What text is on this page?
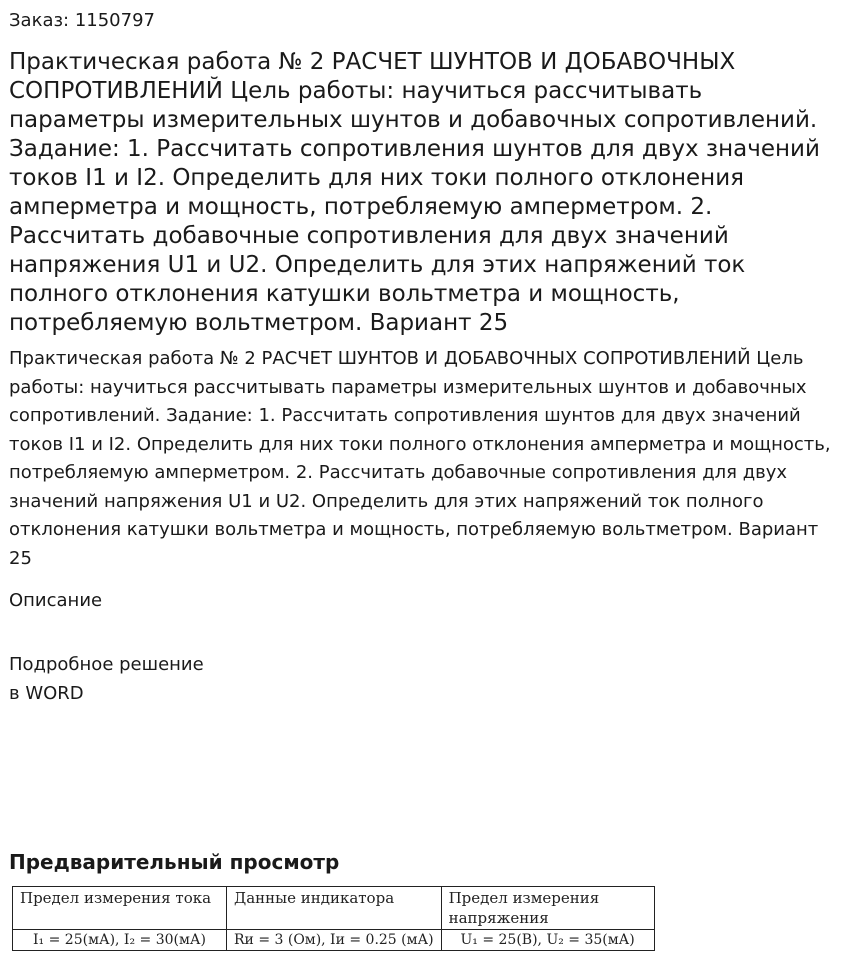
Заказ: 1150797
Практическая работа № 2 РАСЧЕТ ШУНТОВ И ДОБАВОЧНЫХ СОПРОТИВЛЕНИЙ Цель работы: научиться рассчитывать параметры измерительных шунтов и добавочных сопротивлений. Задание: 1. Рассчитать сопротивления шунтов для двух значений токов I1 и I2. Определить для них токи полного отклонения амперметра и мощность, потребляемую амперметром. 2. Рассчитать добавочные сопротивления для двух значений напряжения U1 и U2. Определить для этих напряжений ток полного отклонения катушки вольтметра и мощность, потребляемую вольтметром. Вариант 25

Практическая работа № 2 РАСЧЕТ ШУНТОВ И ДОБАВОЧНЫХ СОПРОТИВЛЕНИЙ Цель работы: научиться рассчитывать параметры измерительных шунтов и добавочных сопротивлений. Задание: 1. Рассчитать сопротивления шунтов для двух значений токов I1 и I2. Определить для них токи полного отклонения амперметра и мощность, потребляемую амперметром. 2. Рассчитать добавочные сопротивления для двух значений напряжения U1 и U2. Определить для этих напряжений ток полного отклонения катушки вольтметра и мощность, потребляемую вольтметром. Вариант 25

Описание
Подробное решение
в WORD
Предварительный просмотр
Предел измерения тока	Данные индикатора	Предел измерения напряжения
I₁ = 25(мА), I₂ = 30(мА)	Rи = 3 (Ом), Iи = 0.25 (мА)	U₁ = 25(В), U₂ = 35(мА)
